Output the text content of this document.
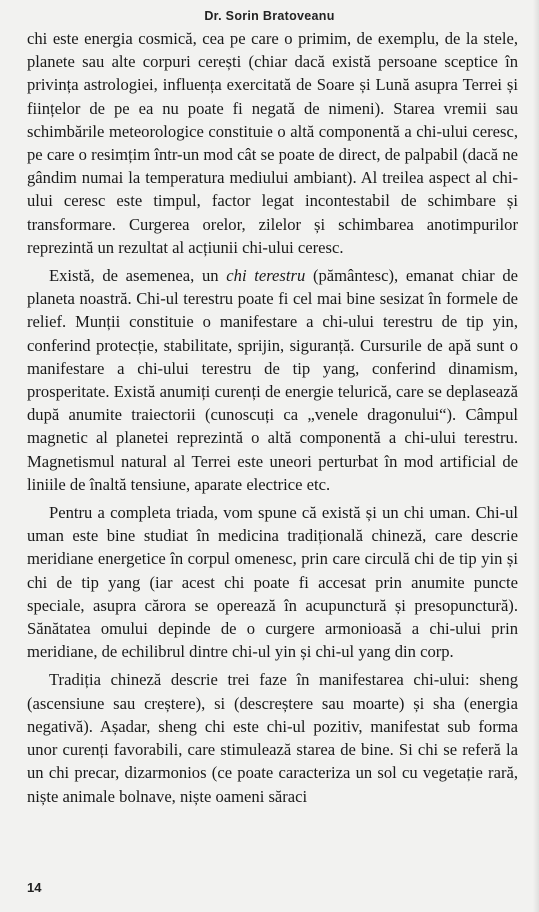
Dr. Sorin Bratoveanu

chi este energia cosmică, cea pe care o primim, de exemplu, de la stele, planete sau alte corpuri cerești (chiar dacă există persoane sceptice în privința astrologiei, influența exercitată de Soare și Lună asupra Terrei și ființelor de pe ea nu poate fi negată de nimeni). Starea vremii sau schimbările meteorologice constituie o altă componentă a chi-ului ceresc, pe care o resimțim într-un mod cât se poate de direct, de palpabil (dacă ne gândim numai la temperatura mediului ambiant). Al treilea aspect al chi-ului ceresc este timpul, factor legat incontestabil de schimbare și transformare. Curgerea orelor, zilelor și schimbarea anotimpurilor reprezintă un rezultat al acțiunii chi-ului ceresc.

Există, de asemenea, un chi terestru (pământesc), emanat chiar de planeta noastră. Chi-ul terestru poate fi cel mai bine sesizat în formele de relief. Munții constituie o manifestare a chi-ului terestru de tip yin, conferind protecție, stabilitate, sprijin, siguranță. Cursurile de apă sunt o manifestare a chi-ului terestru de tip yang, conferind dinamism, prosperitate. Există anumiți curenți de energie telurică, care se deplasează după anumite traiectorii (cunoscuți ca „venele dragonului“). Câmpul magnetic al planetei reprezintă o altă componentă a chi-ului terestru. Magnetismul natural al Terrei este uneori perturbat în mod artificial de liniile de înaltă tensiune, aparate electrice etc.

Pentru a completa triada, vom spune că există și un chi uman. Chi-ul uman este bine studiat în medicina tradițională chineză, care descrie meridiane energetice în corpul omenesc, prin care circulă chi de tip yin și chi de tip yang (iar acest chi poate fi accesat prin anumite puncte speciale, asupra cărora se operează în acupunctură și presopunctură). Sănătatea omului depinde de o curgere armonioasă a chi-ului prin meridiane, de echilibrul dintre chi-ul yin și chi-ul yang din corp.

Tradiția chineză descrie trei faze în manifestarea chi-ului: sheng (ascensiune sau creștere), si (descreștere sau moarte) și sha (energia negativă). Așadar, sheng chi este chi-ul pozitiv, manifestat sub forma unor curenți favorabili, care stimulează starea de bine. Si chi se referă la un chi precar, dizarmonios (ce poate caracteriza un sol cu vegetație rară, niște animale bolnave, niște oameni săraci

14
